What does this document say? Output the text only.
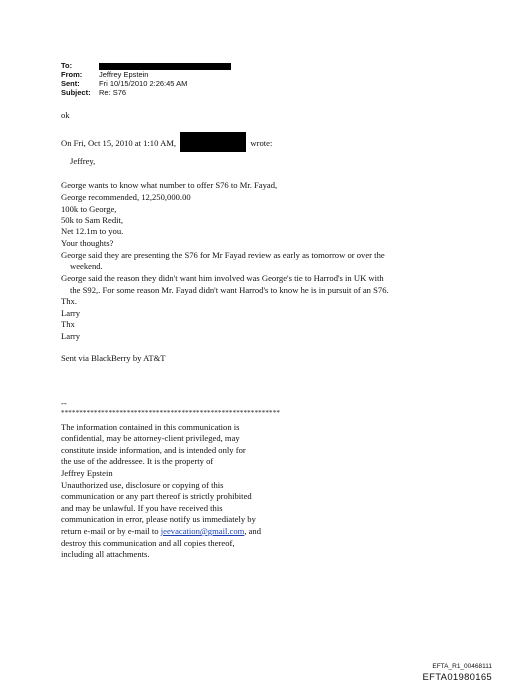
To:
From: Jeffrey Epstein
Sent:	Fri 10/15/2010 2:26:45 AM
Subject: Re: S76
ok
On Fri, Oct 15, 2010 at 1:10 AM,	wrote:
Jeffrey,
George wants to know what number to offer S76 to Mr. Fayad,
George recommended, 12,250,000.00
100k to George,
50k to Sam Redit,
Net 12.1m to you.
Your thoughts?
George said they are presenting the S76 for Mr Fayad review as early as tomorrow or over the
weekend.
George said the reason they didn't want him involved was George's tie to Harrod's in UK with
the S92,. For some reason Mr. Fayad didn't want Harrod's to know he is in pursuit of an S76.
Thx.
Larry
Thx
Larry
Sent via BlackBerry by AT&T
--
************************************************************
The information contained in this communication is
confidential, may be attorney-client privileged, may
constitute inside information, and is intended only for
the use of the addressee. It is the property of
Jeffrey Epstein
Unauthorized use, disclosure or copying of this
communication or any part thereof is strictly prohibited
and may be unlawful. If you have received this
communication in error, please notify us immediately by
return e-mail or by e-mail to jeevacation@gmail.com, and
destroy this communication and all copies thereof,
including all attachments.
EFTA_R1_00468111
EFTA01980165
